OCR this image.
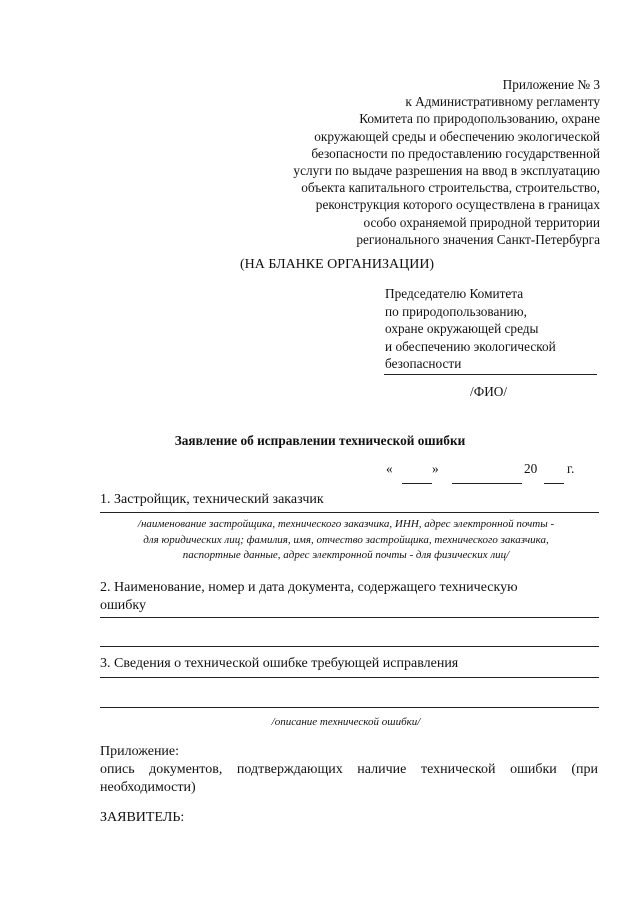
Приложение № 3
к Административному регламенту
Комитета по природопользованию, охране
окружающей среды и обеспечению экологической
безопасности по предоставлению государственной
услуги по выдаче разрешения на ввод в эксплуатацию
объекта капитального строительства, строительство,
реконструкция которого осуществлена в границах
особо охраняемой природной территории
регионального значения Санкт-Петербурга
(НА БЛАНКЕ ОРГАНИЗАЦИИ)
Председателю Комитета
по природопользованию,
охране окружающей среды
и обеспечению экологической
безопасности
/ФИО/
Заявление об исправлении технической ошибки
«	»	20 г.
1. Застройщик, технический заказчик
/наименование застройщика, технического заказчика, ИНН, адрес электронной почты -
для юридических лиц; фамилия, имя, отчество застройщика, технического заказчика,
паспортные данные, адрес электронной почты - для физических лиц/
2. Наименование, номер и дата документа, содержащего техническую
ошибку
3. Сведения о технической ошибке требующей исправления
/описание технической ошибки/
Приложение:
опись документов, подтверждающих наличие технической ошибки (при необходимости)
ЗАЯВИТЕЛЬ:
